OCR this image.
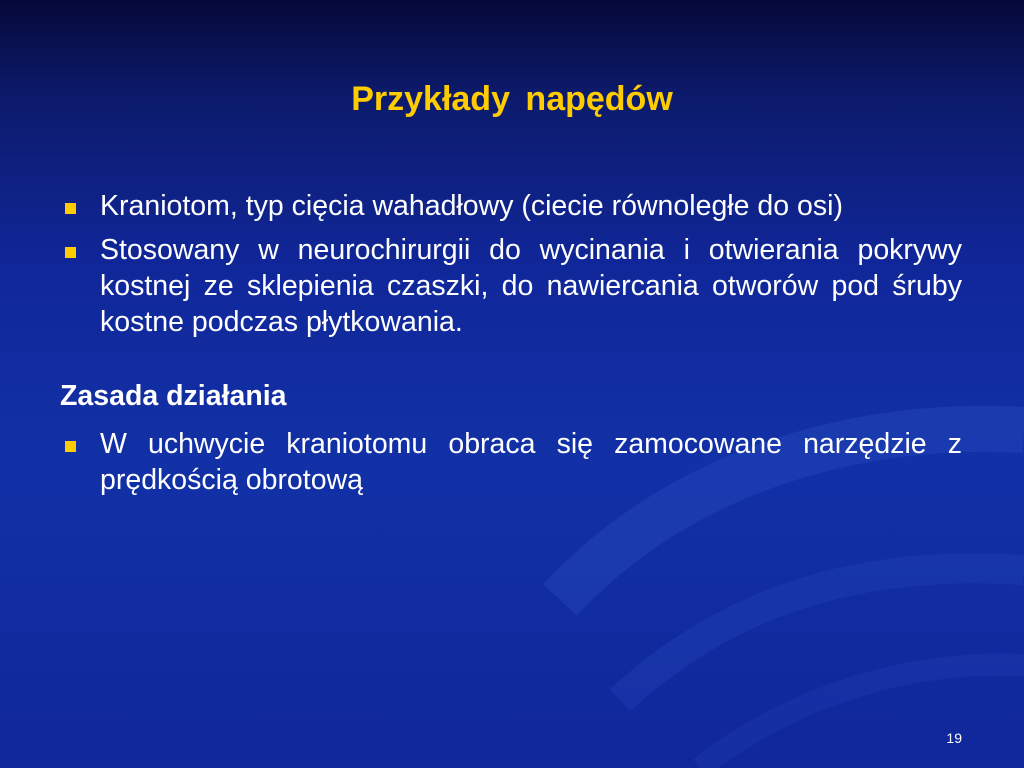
Przykłady napędów
Kraniotom, typ cięcia wahadłowy (ciecie równoległe do osi)
Stosowany w neurochirurgii do wycinania i otwierania pokrywy kostnej ze sklepienia czaszki, do nawiercania otworów pod śruby kostne podczas płytkowania.
Zasada działania
W uchwycie kraniotomu obraca się zamocowane narzędzie z prędkością obrotową
19
